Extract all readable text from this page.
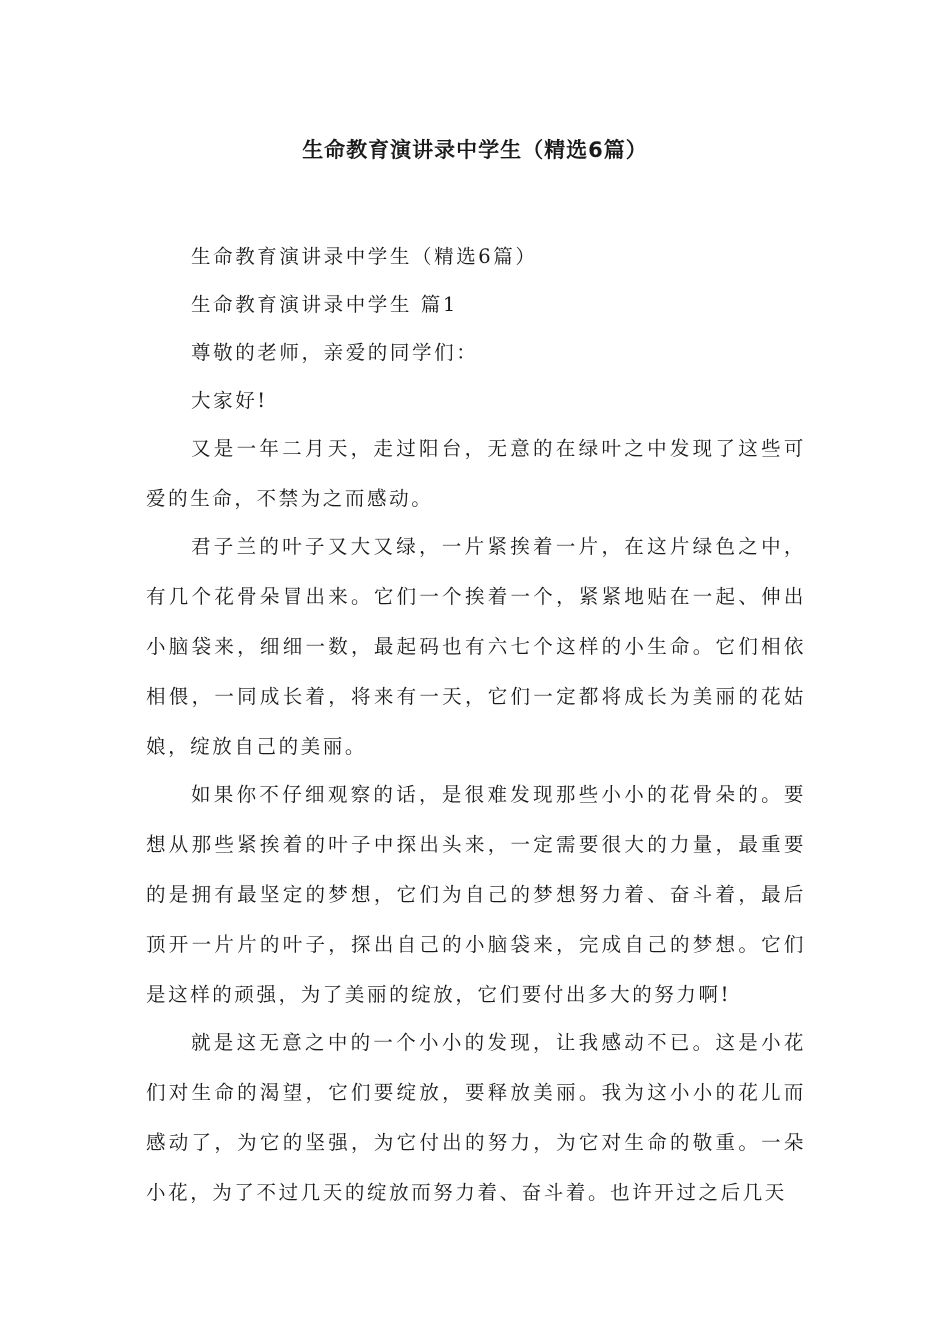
生命教育演讲录中学生（精选6篇）

生命教育演讲录中学生（精选6篇）

生命教育演讲录中学生 篇1

尊敬的老师，亲爱的同学们：

大家好!

又是一年二月天，走过阳台，无意的在绿叶之中发现了这些可爱的生命，不禁为之而感动。

君子兰的叶子又大又绿，一片紧挨着一片，在这片绿色之中，有几个花骨朵冒出来。它们一个挨着一个，紧紧地贴在一起、伸出小脑袋来，细细一数，最起码也有六七个这样的小生命。它们相依相偎，一同成长着，将来有一天，它们一定都将成长为美丽的花姑娘，绽放自己的美丽。

如果你不仔细观察的话，是很难发现那些小小的花骨朵的。要想从那些紧挨着的叶子中探出头来，一定需要很大的力量，最重要的是拥有最坚定的梦想，它们为自己的梦想努力着、奋斗着，最后顶开一片片的叶子，探出自己的小脑袋来，完成自己的梦想。它们是这样的顽强，为了美丽的绽放，它们要付出多大的努力啊!

就是这无意之中的一个小小的发现，让我感动不已。这是小花们对生命的渴望，它们要绽放，要释放美丽。我为这小小的花儿而感动了，为它的坚强，为它付出的努力，为它对生命的敬重。一朵小花，为了不过几天的绽放而努力着、奋斗着。也许开过之后几天
